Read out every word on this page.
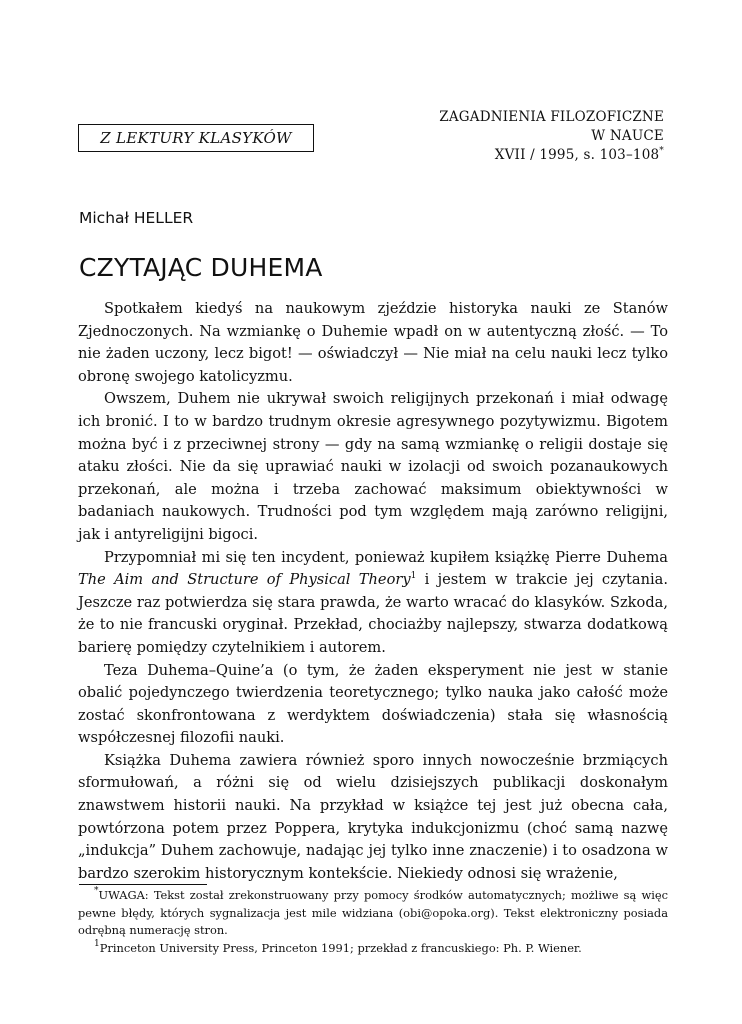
Z LEKTURY KLASYKÓW
ZAGADNIENIA FILOZOFICZNE
W NAUCE
XVII / 1995, s. 103–108*
Michał HELLER
CZYTAJĄC DUHEMA

Spotkałem kiedyś na naukowym zjeździe historyka nauki ze Stanów Zjednoczonych. Na wzmiankę o Duhemie wpadł on w autentyczną złość. — To nie żaden uczony, lecz bigot! — oświadczył — Nie miał na celu nauki lecz tylko obronę swojego katolicyzmu.

Owszem, Duhem nie ukrywał swoich religijnych przekonań i miał odwagę ich bronić. I to w bardzo trudnym okresie agresywnego pozytywizmu. Bigotem można być i z przeciwnej strony — gdy na samą wzmiankę o religii dostaje się ataku złości. Nie da się uprawiać nauki w izolacji od swoich pozanaukowych przekonań, ale można i trzeba zachować maksimum obiektywności w badaniach naukowych. Trudności pod tym względem mają zarówno religijni, jak i antyreligijni bigoci.

Przypomniał mi się ten incydent, ponieważ kupiłem książkę Pierre Duhema The Aim and Structure of Physical Theory$^1$ i jestem w trakcie jej czytania. Jeszcze raz potwierdza się stara prawda, że warto wracać do klasyków. Szkoda, że to nie francuski oryginał. Przekład, chociażby najlepszy, stwarza dodatkową barierę pomiędzy czytelnikiem i autorem.

Teza Duhema–Quine’a (o tym, że żaden eksperyment nie jest w stanie obalić pojedynczego twierdzenia teoretycznego; tylko nauka jako całość może zostać skonfrontowana z werdyktem doświadczenia) stała się własnością współczesnej filozofii nauki.

Książka Duhema zawiera również sporo innych nowocześnie brzmiących sformułowań, a różni się od wielu dzisiejszych publikacji doskonałym znawstwem historii nauki. Na przykład w książce tej jest już obecna cała, powtórzona potem przez Poppera, krytyka indukcjonizmu (choć samą nazwę „indukcja” Duhem zachowuje, nadając jej tylko inne znaczenie) i to osadzona w bardzo szerokim historycznym kontekście. Niekiedy odnosi się wrażenie,

*UWAGA: Tekst został zrekonstruowany przy pomocy środków automatycznych; możliwe są więc pewne błędy, których sygnalizacja jest mile widziana (obi@opoka.org). Tekst elektroniczny posiada odrębną numerację stron.

$^1$Princeton University Press, Princeton 1991; przekład z francuskiego: Ph. P. Wiener.
